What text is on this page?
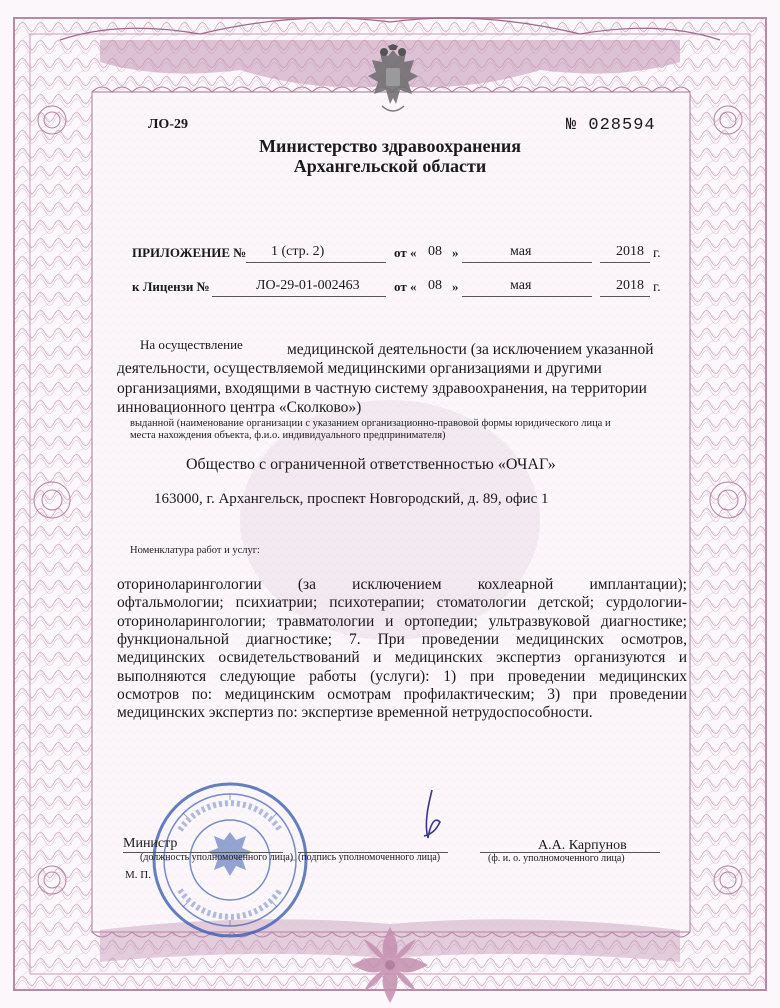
ЛО-29	№ 028594
Министерство здравоохранения
Архангельской области
ПРИЛОЖЕНИЕ № 1 (стр. 2)	от « 08 »	мая	2018 г.
к Лицензи №	ЛО-29-01-002463	от « 08 »	мая	2018 г.
На осуществление	медицинской деятельности (за исключением указанной
деятельности, осуществляемой медицинскими организациями и другими
организациями, входящими в частную систему здравоохранения, на территории
инновационного центра «Сколково»)
выданной (наименование организации с указанием организационно-правовой формы юридического лица и
места нахождения объекта, ф.и.о. индивидуального предпринимателя)
Общество с ограниченной ответственностью «ОЧАГ»
163000, г. Архангельск, проспект Новгородский, д. 89, офис 1
Номенклатура работ и услуг:
оториноларингологии (за исключением кохлеарной имплантации);
офтальмологии; психиатрии; психотерапии; стоматологии детской; сурдологии-
оториноларингологии; травматологии и ортопедии; ультразвуковой диагностике;
функциональной диагностике; 7. При проведении медицинских осмотров,
медицинских освидетельствований и медицинских экспертиз организуются и
выполняются следующие работы (услуги): 1) при проведении медицинских
осмотров по: медицинским осмотрам профилактическим; 3) при проведении
медицинских экспертиз по: экспертизе временной нетрудоспособности.
Министр
(должность уполномоченного лица) (подпись уполномоченного лица)
А.А. Карпунов
(ф. и. о. уполномоченного лица)
М. П.
